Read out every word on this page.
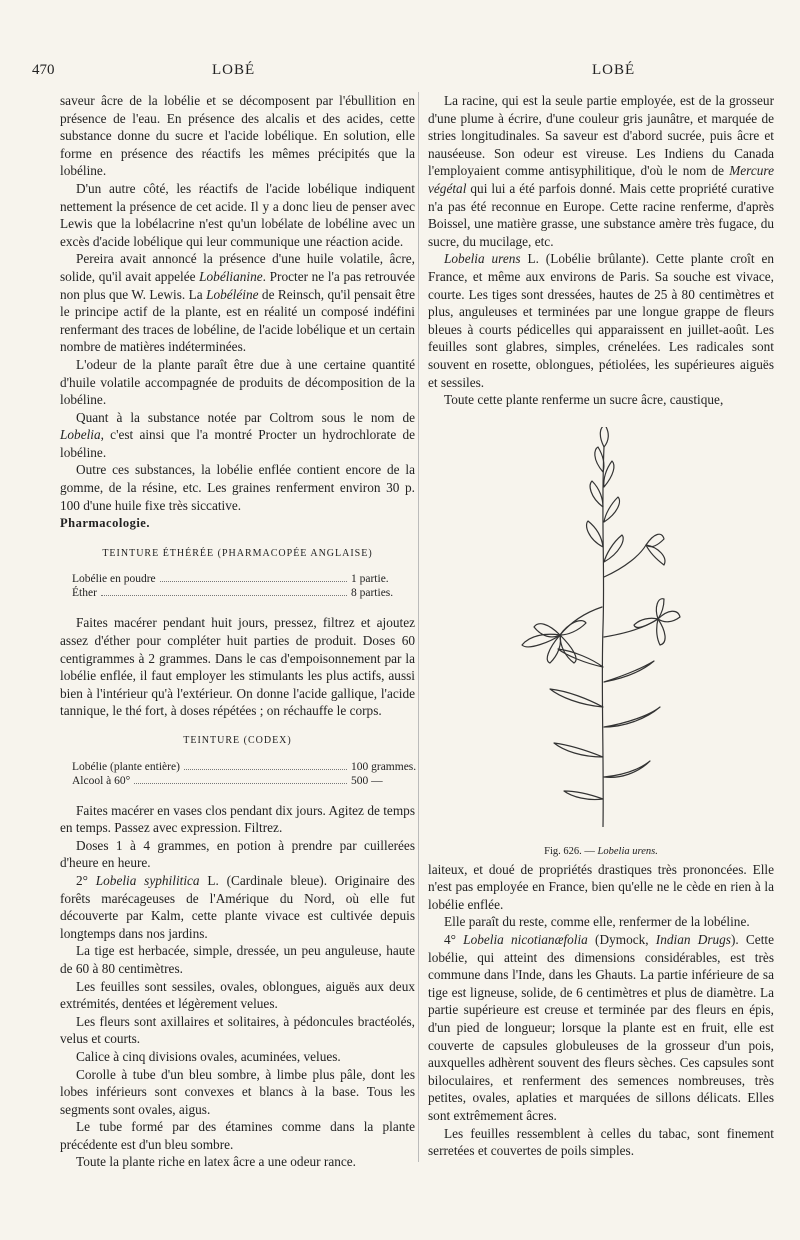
470	LOBÉ	LOBÉ

saveur âcre de la lobélie et se décomposent par l'ébullition en présence de l'eau. En présence des alcalis et des acides, cette substance donne du sucre et l'acide lobélique. En solution, elle forme en présence des réactifs les mêmes précipités que la lobéline.

D'un autre côté, les réactifs de l'acide lobélique indiquent nettement la présence de cet acide. Il y a donc lieu de penser avec Lewis que la lobélacrine n'est qu'un lobélate de lobéline avec un excès d'acide lobélique qui leur communique une réaction acide.

Pereira avait annoncé la présence d'une huile volatile, âcre, solide, qu'il avait appelée Lobélianine. Procter ne l'a pas retrouvée non plus que W. Lewis. La Lobéléine de Reinsch, qu'il pensait être le principe actif de la plante, est en réalité un composé indéfini renfermant des traces de lobéline, de l'acide lobélique et un certain nombre de matières indéterminées.

L'odeur de la plante paraît être due à une certaine quantité d'huile volatile accompagnée de produits de décomposition de la lobéline.

Quant à la substance notée par Coltrom sous le nom de Lobelia, c'est ainsi que l'a montré Procter un hydrochlorate de lobéline.

Outre ces substances, la lobélie enflée contient encore de la gomme, de la résine, etc. Les graines renferment environ 30 p. 100 d'une huile fixe très siccative.

Pharmacologie.
TEINTURE ÉTHÉRÉE (PHARMACOPÉE ANGLAISE)
Lobélie en poudre	1 partie.
Éther	8 parties.

Faites macérer pendant huit jours, pressez, filtrez et ajoutez assez d'éther pour compléter huit parties de produit. Doses 60 centigrammes à 2 grammes. Dans le cas d'empoisonnement par la lobélie enflée, il faut employer les stimulants les plus actifs, aussi bien à l'intérieur qu'à l'extérieur. On donne l'acide gallique, l'acide tannique, le thé fort, à doses répétées ; on réchauffe le corps.

TEINTURE (CODEX)
Lobélie (plante entière)	100 grammes.
Alcool à 60°	500 —

Faites macérer en vases clos pendant dix jours. Agitez de temps en temps. Passez avec expression. Filtrez.

Doses 1 à 4 grammes, en potion à prendre par cuillerées d'heure en heure.

2° Lobelia syphilitica L. (Cardinale bleue). Originaire des forêts marécageuses de l'Amérique du Nord, où elle fut découverte par Kalm, cette plante vivace est cultivée depuis longtemps dans nos jardins.

La tige est herbacée, simple, dressée, un peu anguleuse, haute de 60 à 80 centimètres.

Les feuilles sont sessiles, ovales, oblongues, aiguës aux deux extrémités, dentées et légèrement velues.

Les fleurs sont axillaires et solitaires, à pédoncules bractéolés, velus et courts.

Calice à cinq divisions ovales, acuminées, velues.

Corolle à tube d'un bleu sombre, à limbe plus pâle, dont les lobes inférieurs sont convexes et blancs à la base. Tous les segments sont ovales, aigus.

Le tube formé par des étamines comme dans la plante précédente est d'un bleu sombre.

Toute la plante riche en latex âcre a une odeur rance.

La racine, qui est la seule partie employée, est de la grosseur d'une plume à écrire, d'une couleur gris jaunâtre, et marquée de stries longitudinales. Sa saveur est d'abord sucrée, puis âcre et nauséeuse. Son odeur est vireuse. Les Indiens du Canada l'employaient comme antisyphilitique, d'où le nom de Mercure végétal qui lui a été parfois donné. Mais cette propriété curative n'a pas été reconnue en Europe. Cette racine renferme, d'après Boissel, une matière grasse, une substance amère très fugace, du sucre, du mucilage, etc.

Lobelia urens L. (Lobélie brûlante). Cette plante croît en France, et même aux environs de Paris. Sa souche est vivace, courte. Les tiges sont dressées, hautes de 25 à 80 centimètres et plus, anguleuses et terminées par une longue grappe de fleurs bleues à courts pédicelles qui apparaissent en juillet-août. Les feuilles sont glabres, simples, crénelées. Les radicales sont souvent en rosette, oblongues, pétiolées, les supérieures aiguës et sessiles.

Toute cette plante renferme un sucre âcre, caustique,

Fig. 626. — Lobelia urens.

laiteux, et doué de propriétés drastiques très prononcées. Elle n'est pas employée en France, bien qu'elle ne le cède en rien à la lobélie enflée.

Elle paraît du reste, comme elle, renfermer de la lobéline.

4° Lobelia nicotianæfolia (Dymock, Indian Drugs). Cette lobélie, qui atteint des dimensions considérables, est très commune dans l'Inde, dans les Ghauts. La partie inférieure de sa tige est ligneuse, solide, de 6 centimètres et plus de diamètre. La partie supérieure est creuse et terminée par des fleurs en épis, d'un pied de longueur; lorsque la plante est en fruit, elle est couverte de capsules globuleuses de la grosseur d'un pois, auxquelles adhèrent souvent des fleurs sèches. Ces capsules sont biloculaires, et renferment des semences nombreuses, très petites, ovales, aplaties et marquées de sillons délicats. Elles sont extrêmement âcres.

Les feuilles ressemblent à celles du tabac, sont finement serretées et couvertes de poils simples.
